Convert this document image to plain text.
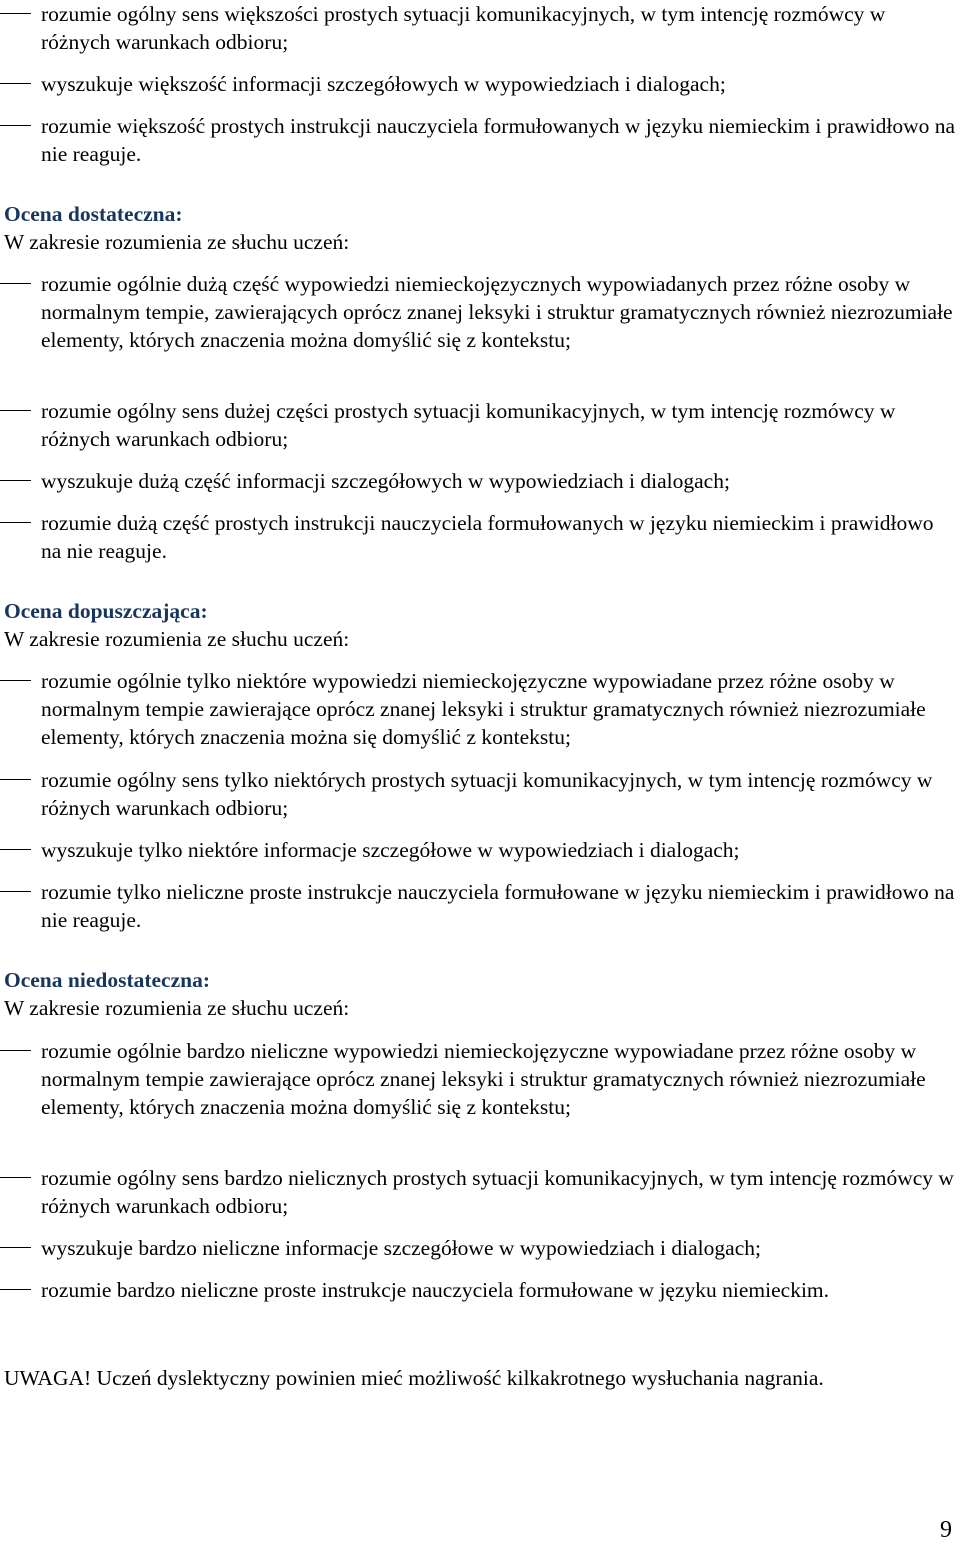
rozumie ogólny sens większości prostych sytuacji komunikacyjnych, w tym intencję rozmówcy w różnych warunkach odbioru;
wyszukuje większość informacji szczegółowych w wypowiedziach i dialogach;
rozumie większość prostych instrukcji nauczyciela formułowanych w języku niemieckim i prawidłowo na nie reaguje.
Ocena dostateczna:
W zakresie rozumienia ze słuchu uczeń:
rozumie ogólnie dużą część wypowiedzi niemieckojęzycznych wypowiadanych przez różne osoby w normalnym tempie, zawierających oprócz znanej leksyki i struktur gramatycznych również niezrozumiałe elementy, których znaczenia można domyślić się z kontekstu;
rozumie ogólny sens dużej części prostych sytuacji komunikacyjnych, w tym intencję rozmówcy w różnych warunkach odbioru;
wyszukuje dużą część informacji szczegółowych w wypowiedziach i dialogach;
rozumie dużą część prostych instrukcji nauczyciela formułowanych w języku niemieckim i prawidłowo na nie reaguje.
Ocena dopuszczająca:
W zakresie rozumienia ze słuchu uczeń:
rozumie ogólnie tylko niektóre wypowiedzi niemieckojęzyczne wypowiadane przez różne osoby w normalnym tempie zawierające oprócz znanej leksyki i struktur gramatycznych również niezrozumiałe elementy, których znaczenia można się domyślić z kontekstu;
rozumie ogólny sens tylko niektórych prostych sytuacji komunikacyjnych, w tym intencję rozmówcy w różnych warunkach odbioru;
wyszukuje tylko niektóre informacje szczegółowe w wypowiedziach i dialogach;
rozumie tylko nieliczne proste instrukcje nauczyciela formułowane w języku niemieckim i prawidłowo na nie reaguje.
Ocena niedostateczna:
W zakresie rozumienia ze słuchu uczeń:
rozumie ogólnie bardzo nieliczne wypowiedzi niemieckojęzyczne wypowiadane przez różne osoby w normalnym tempie zawierające oprócz znanej leksyki i struktur gramatycznych również niezrozumiałe elementy, których znaczenia można domyślić się z kontekstu;
rozumie ogólny sens bardzo nielicznych prostych sytuacji komunikacyjnych, w tym intencję rozmówcy w różnych warunkach odbioru;
wyszukuje bardzo nieliczne informacje szczegółowe w wypowiedziach i dialogach;
rozumie bardzo nieliczne proste instrukcje nauczyciela formułowane w języku niemieckim.
UWAGA! Uczeń dyslektyczny powinien mieć możliwość kilkakrotnego wysłuchania nagrania.
9
